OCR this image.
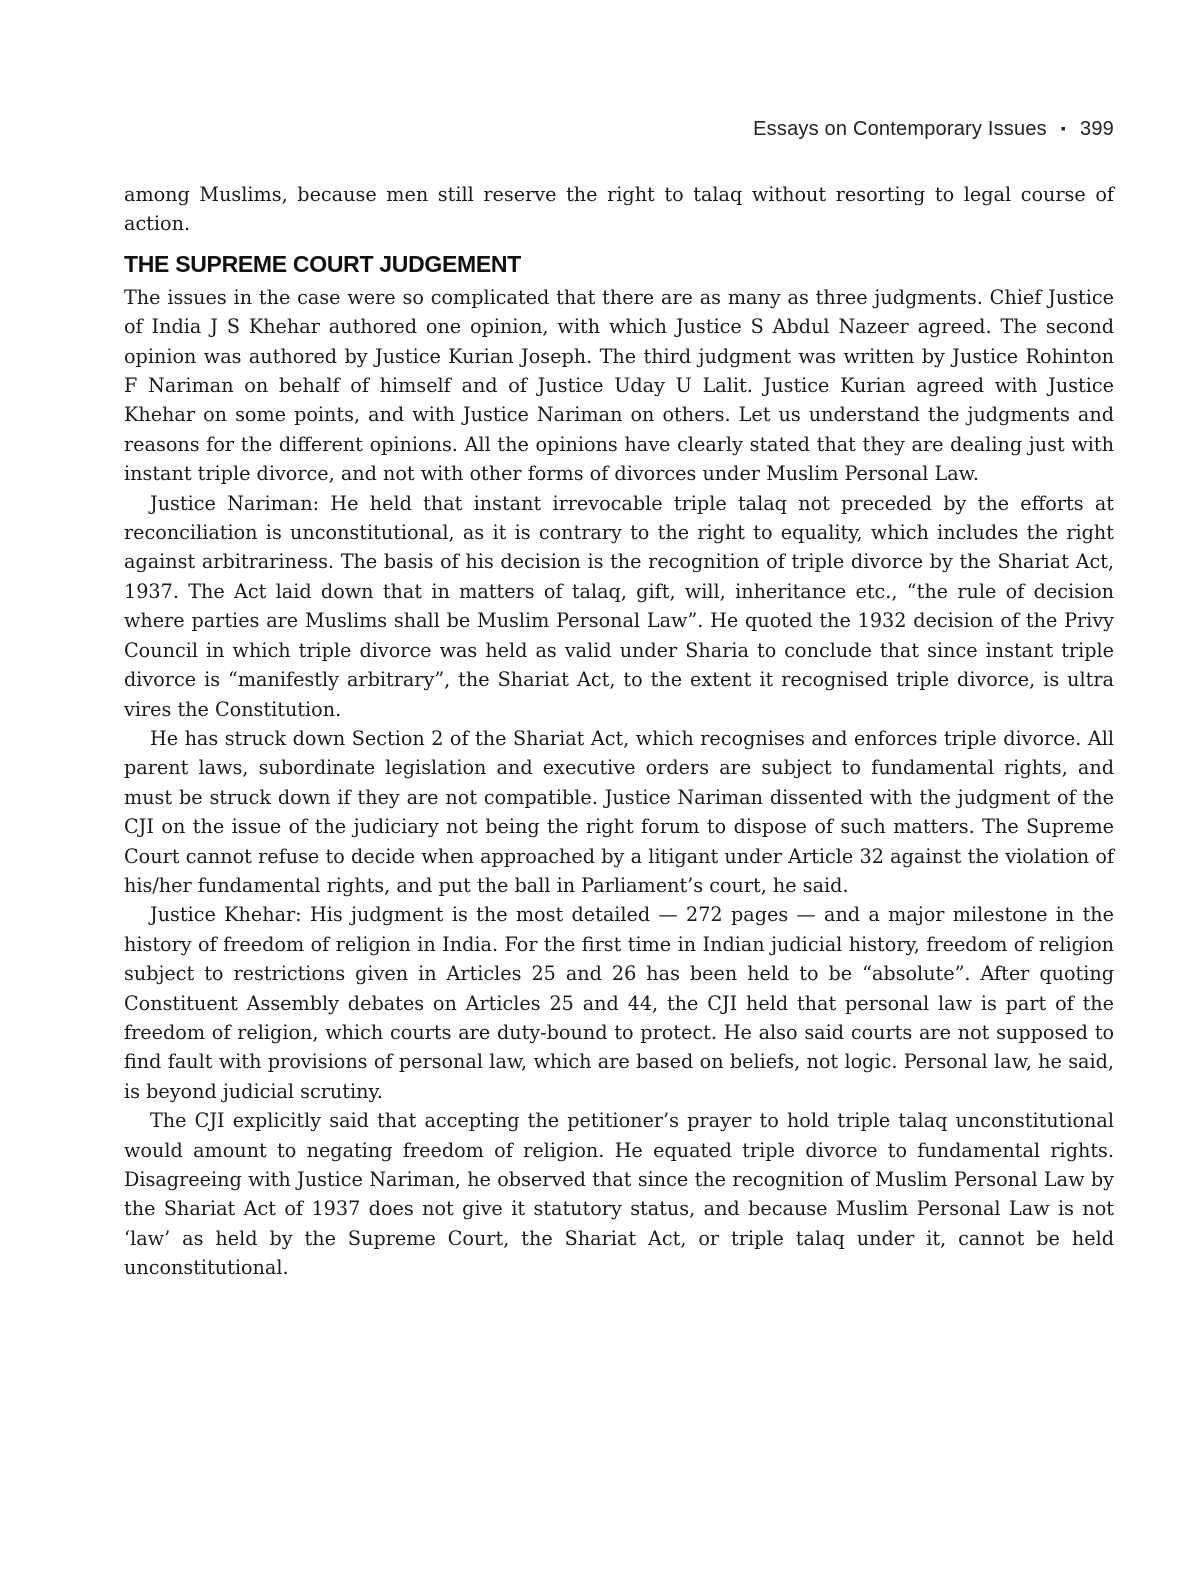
Essays on Contemporary Issues ▪ 399

among Muslims, because men still reserve the right to talaq without resorting to legal course of action.

THE SUPREME COURT JUDGEMENT

The issues in the case were so complicated that there are as many as three judgments. Chief Justice of India J S Khehar authored one opinion, with which Justice S Abdul Nazeer agreed. The second opinion was authored by Justice Kurian Joseph. The third judgment was written by Justice Rohinton F Nariman on behalf of himself and of Justice Uday U Lalit. Justice Kurian agreed with Justice Khehar on some points, and with Justice Nariman on others. Let us understand the judgments and reasons for the different opinions. All the opinions have clearly stated that they are dealing just with instant triple divorce, and not with other forms of divorces under Muslim Personal Law.

Justice Nariman: He held that instant irrevocable triple talaq not preceded by the efforts at reconciliation is unconstitutional, as it is contrary to the right to equality, which includes the right against arbitrariness. The basis of his decision is the recognition of triple divorce by the Shariat Act, 1937. The Act laid down that in matters of talaq, gift, will, inheritance etc., “the rule of decision where parties are Muslims shall be Muslim Personal Law”. He quoted the 1932 decision of the Privy Council in which triple divorce was held as valid under Sharia to conclude that since instant triple divorce is “manifestly arbitrary”, the Shariat Act, to the extent it recognised triple divorce, is ultra vires the Constitution.

He has struck down Section 2 of the Shariat Act, which recognises and enforces triple divorce. All parent laws, subordinate legislation and executive orders are subject to fundamental rights, and must be struck down if they are not compatible. Justice Nariman dissented with the judgment of the CJI on the issue of the judiciary not being the right forum to dispose of such matters. The Supreme Court cannot refuse to decide when approached by a litigant under Article 32 against the violation of his/her fundamental rights, and put the ball in Parliament’s court, he said.

Justice Khehar: His judgment is the most detailed — 272 pages — and a major milestone in the history of freedom of religion in India. For the first time in Indian judicial history, freedom of religion subject to restrictions given in Articles 25 and 26 has been held to be “absolute”. After quoting Constituent Assembly debates on Articles 25 and 44, the CJI held that personal law is part of the freedom of religion, which courts are duty-bound to protect. He also said courts are not supposed to find fault with provisions of personal law, which are based on beliefs, not logic. Personal law, he said, is beyond judicial scrutiny.

The CJI explicitly said that accepting the petitioner’s prayer to hold triple talaq unconstitutional would amount to negating freedom of religion. He equated triple divorce to fundamental rights. Disagreeing with Justice Nariman, he observed that since the recognition of Muslim Personal Law by the Shariat Act of 1937 does not give it statutory status, and because Muslim Personal Law is not ‘law’ as held by the Supreme Court, the Shariat Act, or triple talaq under it, cannot be held unconstitutional.
